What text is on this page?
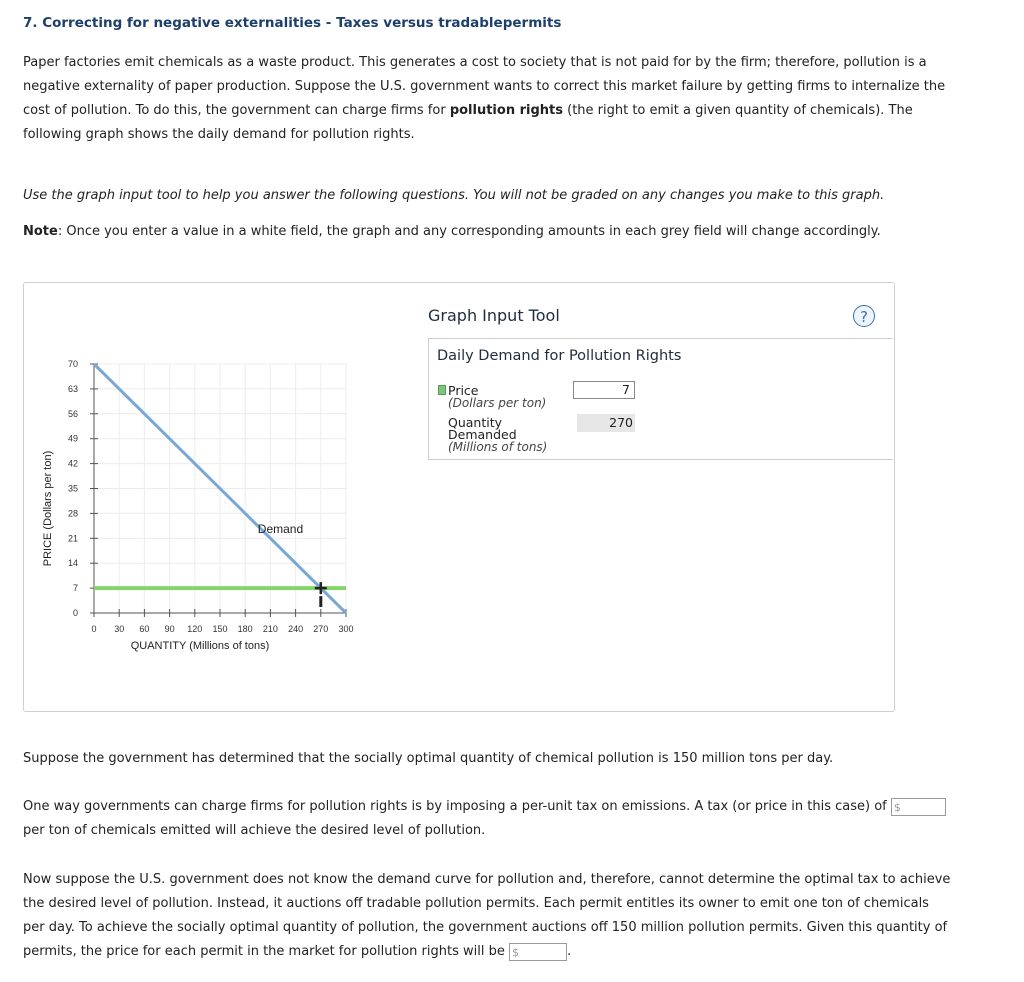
7. Correcting for negative externalities - Taxes versus tradablepermits
Paper factories emit chemicals as a waste product. This generates a cost to society that is not paid for by the firm; therefore, pollution is a negative externality of paper production. Suppose the U.S. government wants to correct this market failure by getting firms to internalize the cost of pollution. To do this, the government can charge firms for pollution rights (the right to emit a given quantity of chemicals). The following graph shows the daily demand for pollution rights.
Use the graph input tool to help you answer the following questions. You will not be graded on any changes you make to this graph.
Note: Once you enter a value in a white field, the graph and any corresponding amounts in each grey field will change accordingly.
0
7
14
21
28
35
42
49
56
63
70
0 30 60 90 120 150 180 210 240 270 300
QUANTITY (Millions of tons)
PRICE (Dollars per ton)	Demand
Graph Input Tool	?
Daily Demand for Pollution Rights
Price
(Dollars per ton)
7
Quantity
Demanded
(Millions of tons)
270
Suppose the government has determined that the socially optimal quantity of chemical pollution is 150 million tons per day.
One way governments can charge firms for pollution rights is by imposing a per-unit tax on emissions. A tax (or price in this case) of $ per ton of chemicals emitted will achieve the desired level of pollution.
Now suppose the U.S. government does not know the demand curve for pollution and, therefore, cannot determine the optimal tax to achieve the desired level of pollution. Instead, it auctions off tradable pollution permits. Each permit entitles its owner to emit one ton of chemicals per day. To achieve the socially optimal quantity of pollution, the government auctions off 150 million pollution permits. Given this quantity of permits, the price for each permit in the market for pollution rights will be $	.
